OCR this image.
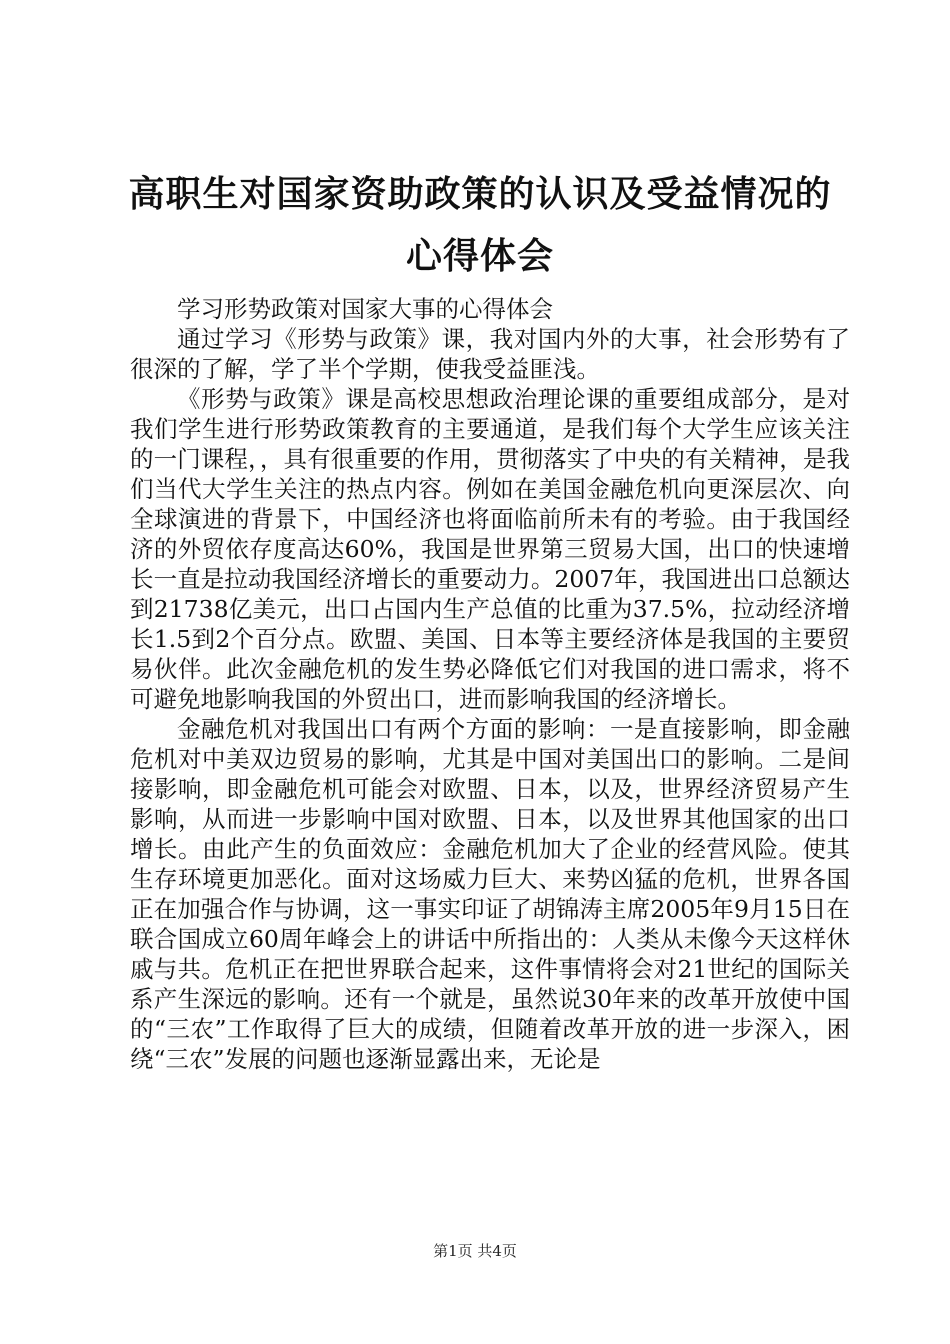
高职生对国家资助政策的认识及受益情况的心得体会

学习形势政策对国家大事的心得体会

通过学习《形势与政策》课，我对国内外的大事，社会形势有了很深的了解，学了半个学期，使我受益匪浅。

《形势与政策》课是高校思想政治理论课的重要组成部分，是对我们学生进行形势政策教育的主要通道，是我们每个大学生应该关注的一门课程，，具有很重要的作用，贯彻落实了中央的有关精神，是我们当代大学生关注的热点内容。例如在美国金融危机向更深层次、向全球演进的背景下，中国经济也将面临前所未有的考验。由于我国经济的外贸依存度高达60%，我国是世界第三贸易大国，出口的快速增长一直是拉动我国经济增长的重要动力。2007年，我国进出口总额达到21738亿美元，出口占国内生产总值的比重为37.5%，拉动经济增长1.5到2个百分点。欧盟、美国、日本等主要经济体是我国的主要贸易伙伴。此次金融危机的发生势必降低它们对我国的进口需求，将不可避免地影响我国的外贸出口，进而影响我国的经济增长。

金融危机对我国出口有两个方面的影响：一是直接影响，即金融危机对中美双边贸易的影响，尤其是中国对美国出口的影响。二是间接影响，即金融危机可能会对欧盟、日本，以及，世界经济贸易产生影响，从而进一步影响中国对欧盟、日本，以及世界其他国家的出口增长。由此产生的负面效应：金融危机加大了企业的经营风险。使其生存环境更加恶化。面对这场威力巨大、来势凶猛的危机，世界各国正在加强合作与协调，这一事实印证了胡锦涛主席2005年9月15日在联合国成立60周年峰会上的讲话中所指出的：人类从未像今天这样休戚与共。危机正在把世界联合起来，这件事情将会对21世纪的国际关系产生深远的影响。还有一个就是，虽然说30年来的改革开放使中国的“三农”工作取得了巨大的成绩，但随着改革开放的进一步深入，困绕“三农”发展的问题也逐渐显露出来，无论是

第1页 共4页
